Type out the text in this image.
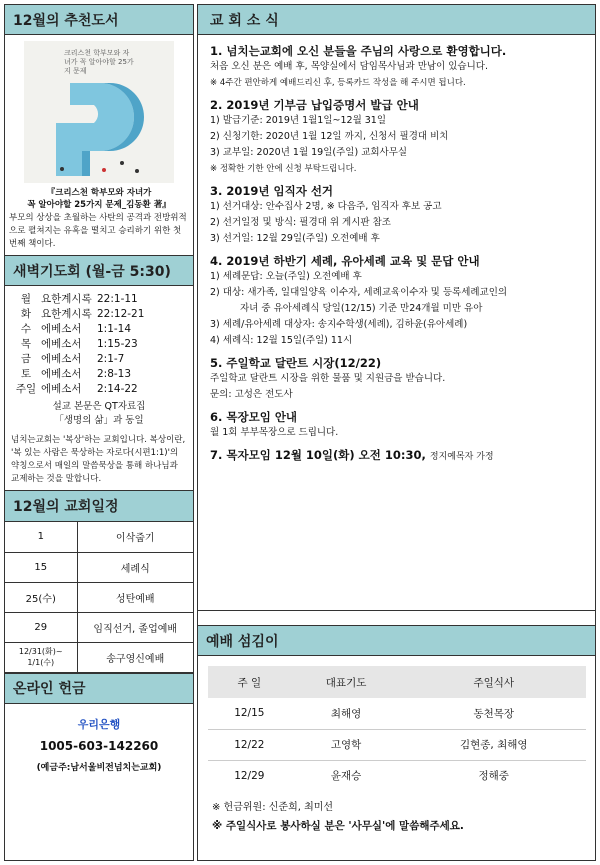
12월의 추천도서
크리스천 학부모와 자녀가 꼭 알아야할 25가지 문제
『크리스천 학부모와 자녀가
꼭 알아야할 25가지 문제_김동환 著』
부모의 상상을 초월하는 사탄의 공격과 전방위적으로 펼쳐지는 유혹을 떨치고 승리하기 위한 첫번째 책이다.
새벽기도회 (월-금 5:30)
월 요한계시록 22:1-11
화 요한계시록 22:12-21
수 에베소서	1:1-14
목 에베소서	1:15-23
금 에베소서	2:1-7
토 에베소서	2:8-13
주일 에베소서	2:14-22
설교 본문은 QT자료집
「생명의 삶」과 동일
넘치는교회는 '복상'하는 교회입니다. 복상이란, '복 있는 사람은 묵상하는 자로다(시편1:1)'의 약칭으로서 매일의 말씀묵상을 통해 하나님과 교제하는 것을 말합니다.
12월의 교회일정
1	이삭줍기
15	세례식
25(수)	성탄예배
29	임직선거, 졸업예배
12/31(화)~ 1/1(수)	송구영신예배
온라인 헌금
우리은행
1005-603-142260
(예금주:남서울비전넘치는교회)
교 회 소 식
1. 넘치는교회에 오신 분들을 주님의 사랑으로 환영합니다.
처음 오신 분은 예배 후, 목양실에서 담임목사님과 만남이 있습니다.
※ 4주간 편안하게 예배드리신 후, 등록카드 작성을 해 주시면 됩니다.
2. 2019년 기부금 납입증명서 발급 안내
1) 발급기준: 2019년 1월1일~12월 31일
2) 신청기한: 2020년 1월 12일 까지, 신청서 필경대 비치
3) 교부일: 2020년 1월 19일(주일) 교회사무실
※ 정확한 기한 안에 신청 부탁드립니다.
3. 2019년 임직자 선거
1) 선거대상: 안수집사 2명, ※ 다음주, 임직자 후보 공고
2) 선거일정 및 방식: 필경대 위 게시판 참조
3) 선거일: 12월 29일(주일) 오전예배 후
4. 2019년 하반기 세례, 유아세례 교육 및 문답 안내
1) 세례문답: 오늘(주일) 오전예배 후
2) 대상: 새가족, 일대일양육 이수자, 세례교육이수자 및 등록세례교인의
자녀 중 유아세례식 당일(12/15) 기준 만24개월 미만 유아
3) 세례/유아세례 대상자: 송지수학생(세례), 김하윤(유아세례)
4) 세례식: 12월 15일(주일) 11시
5. 주일학교 달란트 시장(12/22)
주일학교 달란트 시장을 위한 물품 및 지원금을 받습니다.
문의: 고성은 전도사
6. 목장모임 안내
월 1회 부부목장으로 드립니다.
7. 목자모임 12월 10일(화) 오전 10:30, 정지예목자 가정
예배 섬김이
주 일	대표기도	주일식사
12/15	최해영	동천목장
12/22	고영학	김현종, 최해영
12/29	윤재승	정해중
※ 헌금위원: 신준희, 최미선
※ 주일식사로 봉사하실 분은 '사무실'에 말씀해주세요.
